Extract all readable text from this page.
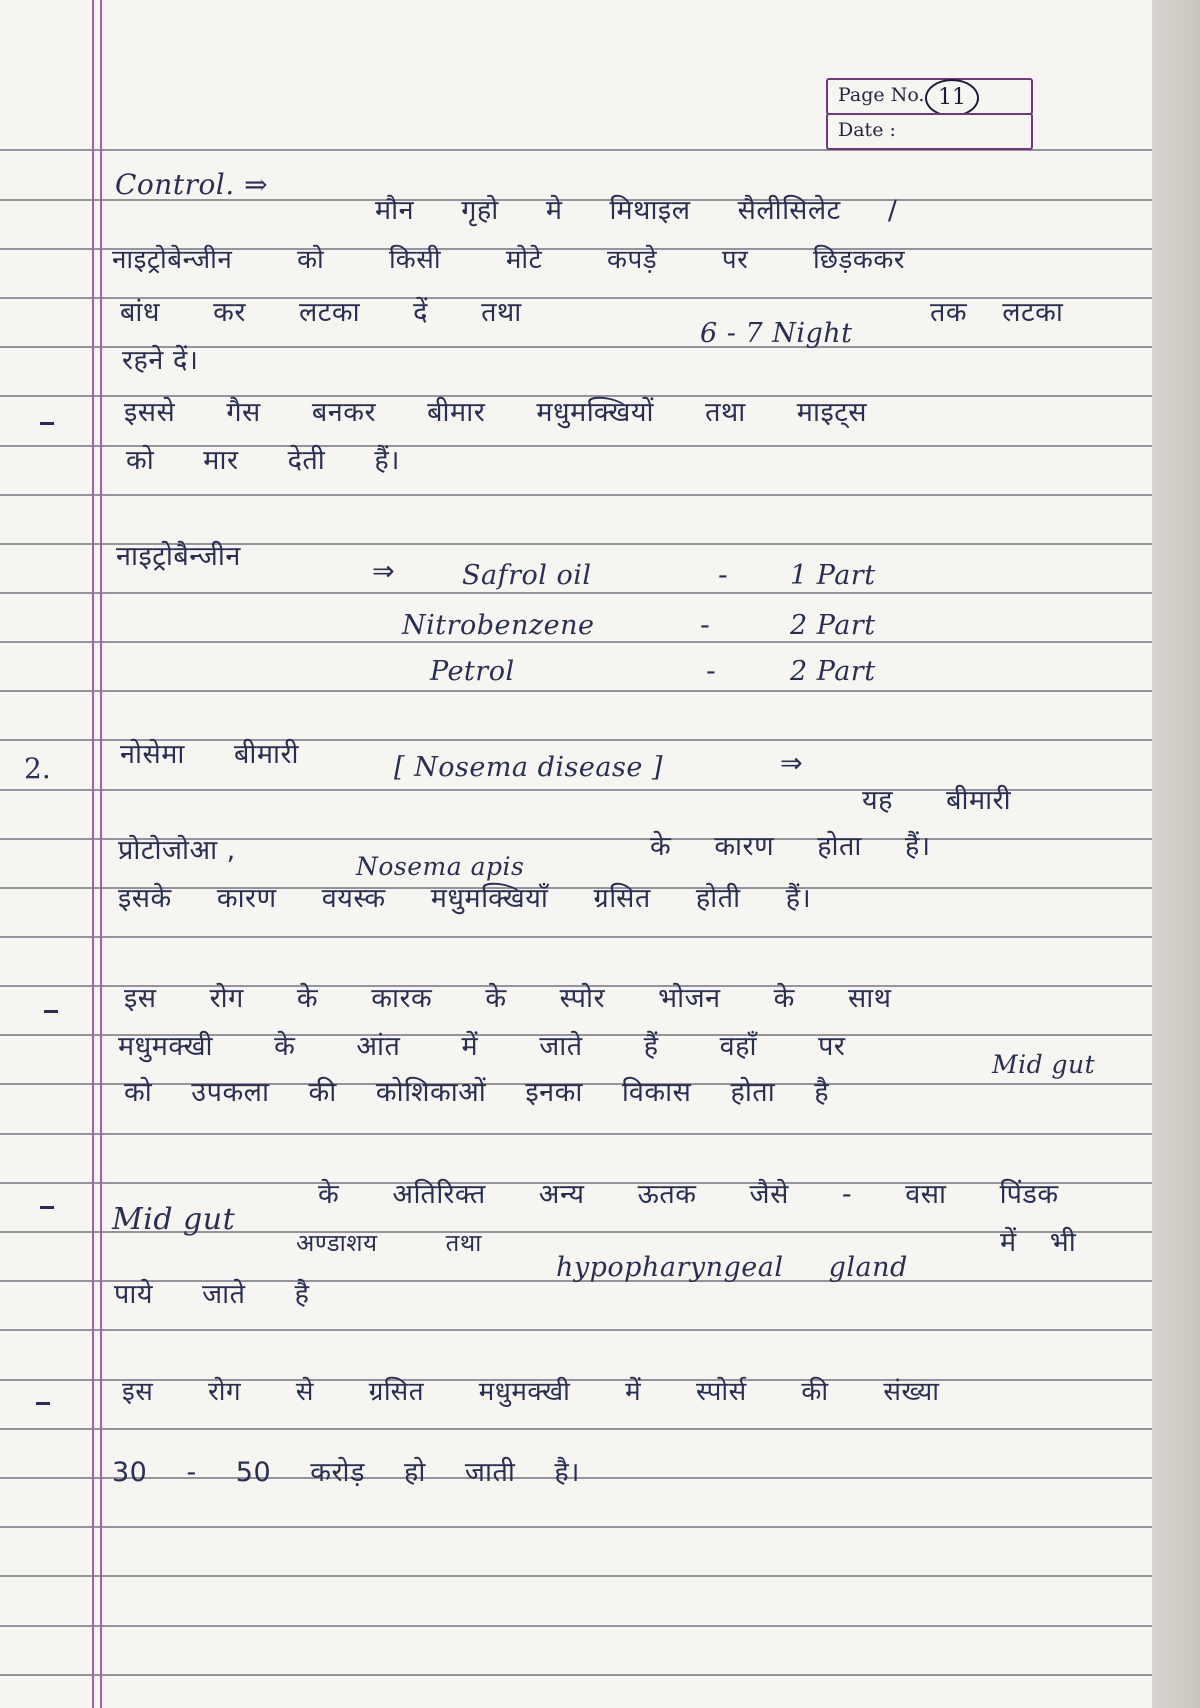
Page No. 11
Date :
Control. ⇒
मौन गृहो मे मिथाइल सैलीसिलेट /
नाइट्रोबेन्जीन को किसी मोटे कपड़े पर छिड़ककर
बांध कर लटका दें तथा
6 - 7 Night
तक लटका
रहने दें।
इससे गैस बनकर बीमार मधुमक्खियों तथा माइट्स
को मार देती हैं।
नाइट्रोबैन्जीन	⇒ Safrol oil	- 1 Part
Nitrobenzene	-	2 Part
Petrol	-	2 Part
2.	नोसेमा बीमारी	[ Nosema disease ]	⇒
यह बीमारी
प्रोटोजोआ ,	के कारण होता हैं।
Nosema apis
इसके कारण वयस्क मधुमक्खियाँ ग्रसित होती हैं।
इस रोग के कारक के स्पोर भोजन के साथ
मधुमक्खी के आंत में जाते हैं वहाँ पर
को उपकला की कोशिकाओं इनका विकास होता है
Mid gut
के अतिरिक्त अन्य ऊतक जैसे - वसा पिंडक
Mid gut
अण्डाशय तथा	में भी
पाये जाते है
hypopharyngeal gland
इस रोग से ग्रसित मधुमक्खी में स्पोर्स की संख्या
30 - 50 करोड़ हो जाती है।
